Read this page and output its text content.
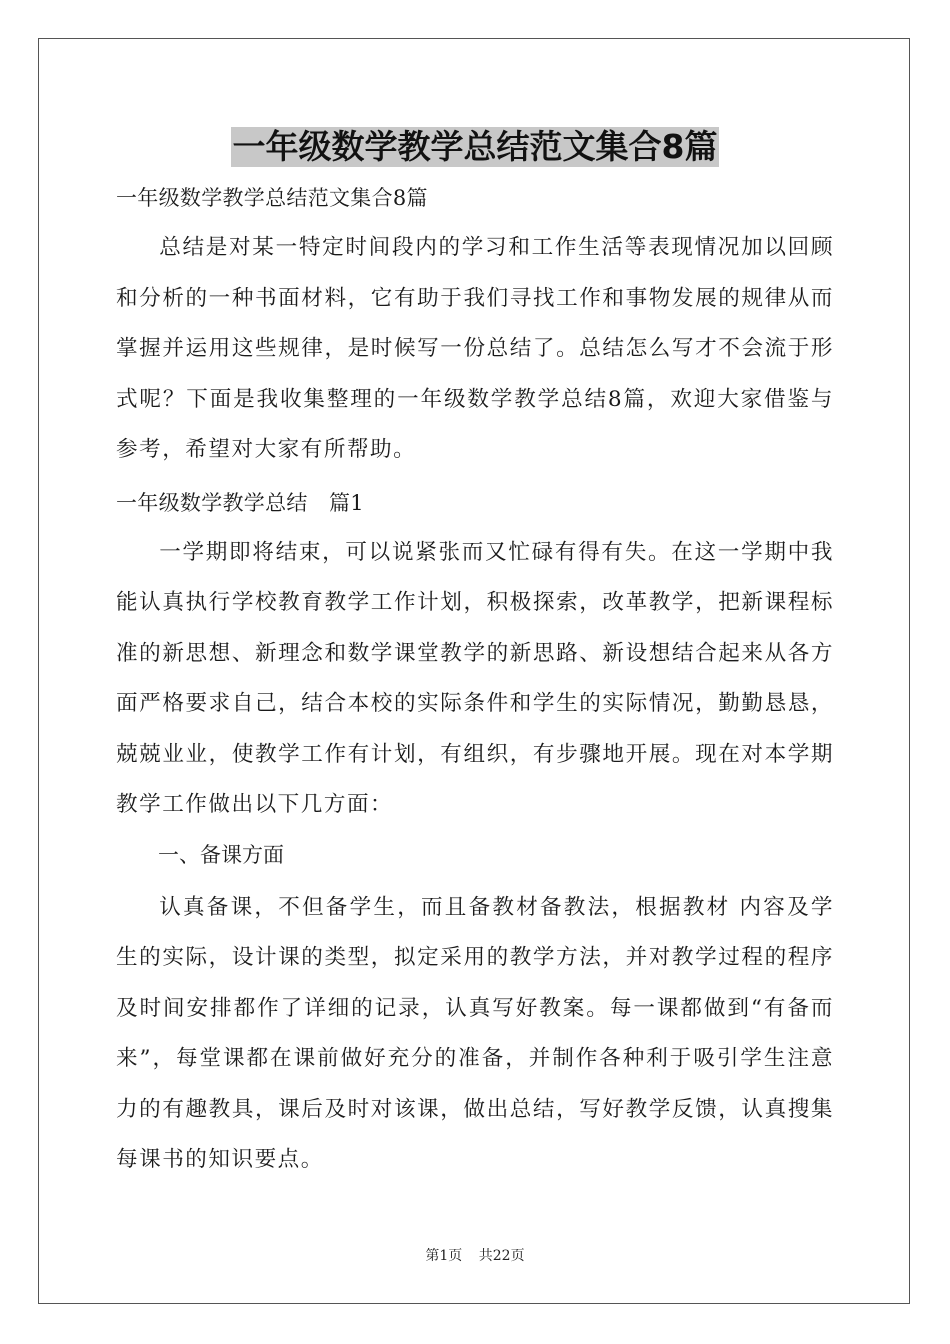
一年级数学教学总结范文集合8篇

一年级数学教学总结范文集合8篇

总结是对某一特定时间段内的学习和工作生活等表现情况加以回顾和分析的一种书面材料，它有助于我们寻找工作和事物发展的规律从而掌握并运用这些规律，是时候写一份总结了。总结怎么写才不会流于形式呢？下面是我收集整理的一年级数学教学总结8篇，欢迎大家借鉴与参考，希望对大家有所帮助。

一年级数学教学总结　篇1

一学期即将结束，可以说紧张而又忙碌有得有失。在这一学期中我能认真执行学校教育教学工作计划，积极探索，改革教学，把新课程标准的新思想、新理念和数学课堂教学的新思路、新设想结合起来从各方面严格要求自己，结合本校的实际条件和学生的实际情况，勤勤恳恳，兢兢业业，使教学工作有计划，有组织，有步骤地开展。现在对本学期教学工作做出以下几方面：

一、备课方面

认真备课，不但备学生，而且备教材备教法，根据教材 内容及学生的实际，设计课的类型，拟定采用的教学方法，并对教学过程的程序及时间安排都作了详细的记录，认真写好教案。每一课都做到“有备而来”，每堂课都在课前做好充分的准备，并制作各种利于吸引学生注意力的有趣教具，课后及时对该课，做出总结，写好教学反馈，认真搜集每课书的知识要点。

第1页 共22页
